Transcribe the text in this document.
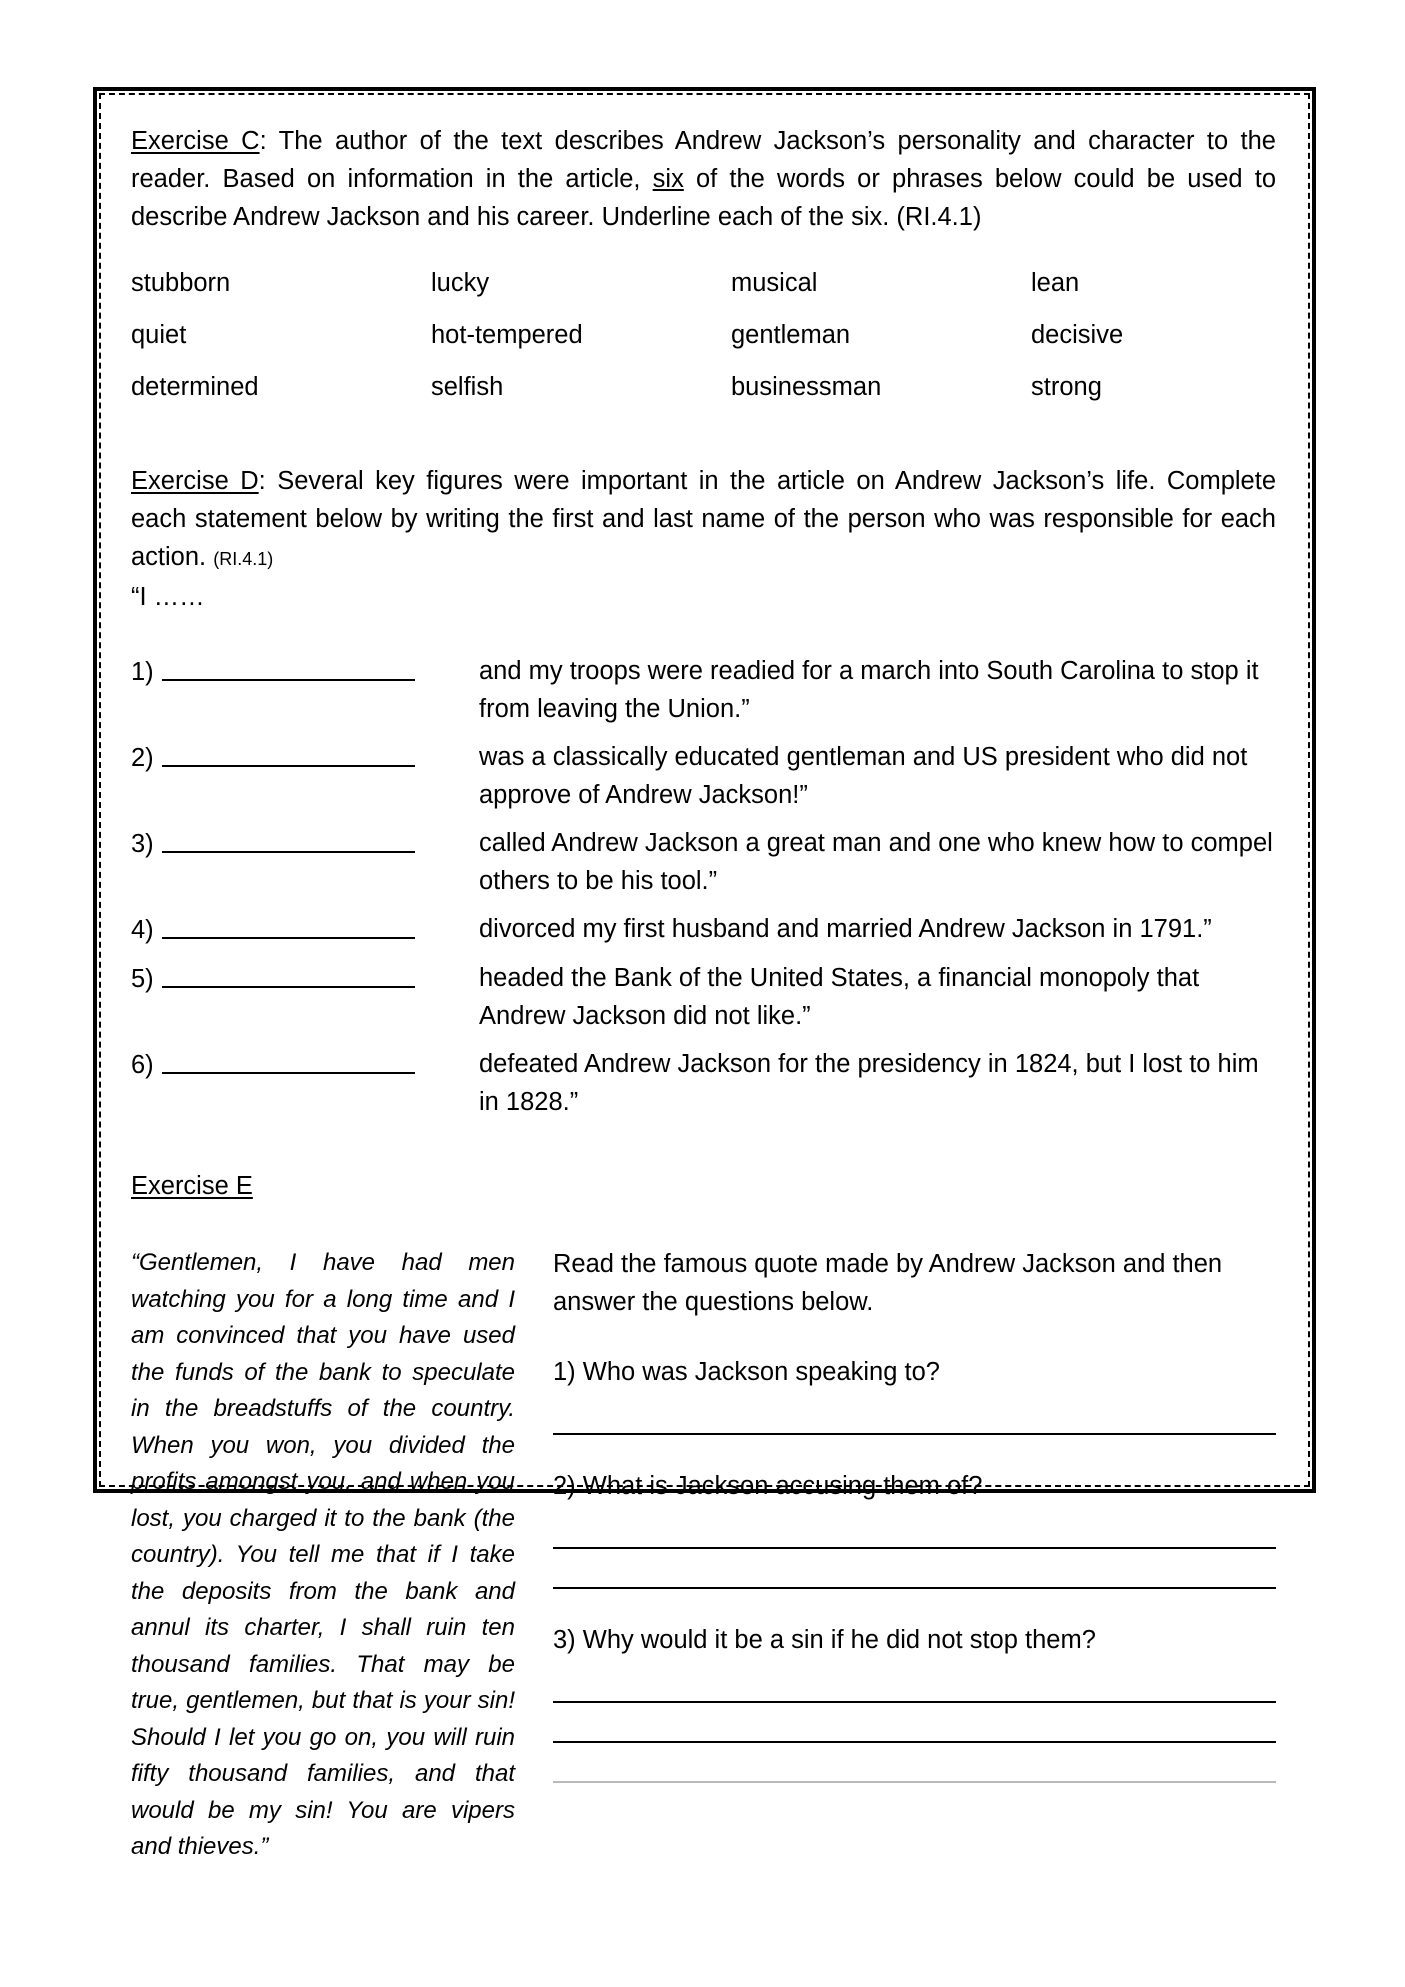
Exercise C: The author of the text describes Andrew Jackson’s personality and character to the reader. Based on information in the article, six of the words or phrases below could be used to describe Andrew Jackson and his career. Underline each of the six. (RI.4.1)

stubborn	lucky	musical	lean
quiet	hot-tempered	gentleman	decisive
determined	selfish	businessman	strong

Exercise D: Several key figures were important in the article on Andrew Jackson’s life. Complete each statement below by writing the first and last name of the person who was responsible for each action. (RI.4.1)

“I ……
1)	and my troops were readied for a march into South Carolina to stop it from leaving the Union.”
2)	was a classically educated gentleman and US president who did not approve of Andrew Jackson!”
3)	called Andrew Jackson a great man and one who knew how to compel others to be his tool.”
4)	divorced my first husband and married Andrew Jackson in 1791.”
5)	headed the Bank of the United States, a financial monopoly that Andrew Jackson did not like.”
6)	defeated Andrew Jackson for the presidency in 1824, but I lost to him in 1828.”
Exercise E

“Gentlemen, I have had men watching you for a long time and I am convinced that you have used the funds of the bank to speculate in the breadstuffs of the country. When you won, you divided the profits amongst you, and when you lost, you charged it to the bank (the country). You tell me that if I take the deposits from the bank and annul its charter, I shall ruin ten thousand families. That may be true, gentlemen, but that is your sin! Should I let you go on, you will ruin fifty thousand families, and that would be my sin! You are vipers and thieves.”

Read the famous quote made by Andrew Jackson and then answer the questions below.

1) Who was Jackson speaking to?

2) What is Jackson accusing them of?

3) Why would it be a sin if he did not stop them?
